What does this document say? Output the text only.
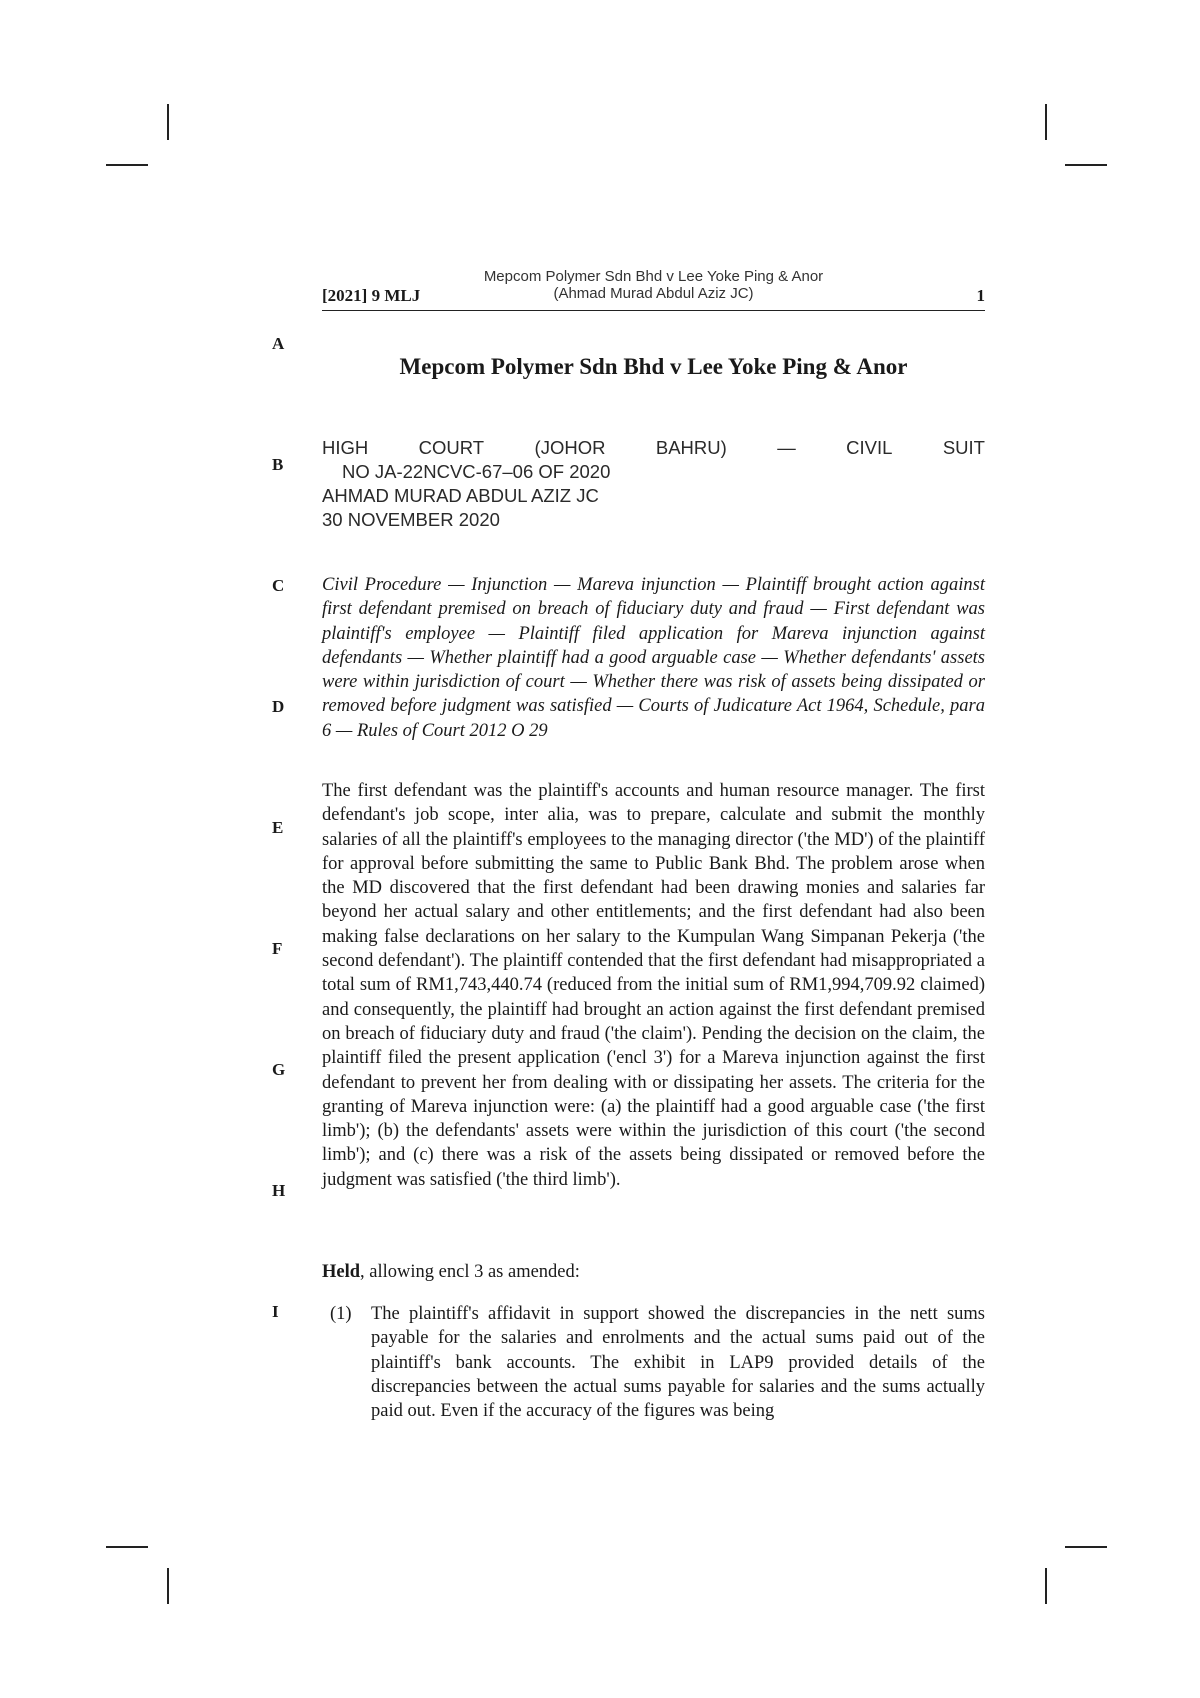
[2021] 9 MLJ
Mepcom Polymer Sdn Bhd v Lee Yoke Ping & Anor
(Ahmad Murad Abdul Aziz JC)	1
A
B
C
D
E
F
G
H
I
Mepcom Polymer Sdn Bhd v Lee Yoke Ping & Anor
HIGH	COURT	(JOHOR	BAHRU)	—	CIVIL	SUIT
NO JA-22NCVC-67–06 OF 2020
AHMAD MURAD ABDUL AZIZ JC
30 NOVEMBER 2020
Civil Procedure — Injunction — Mareva injunction — Plaintiff brought action against first defendant premised on breach of fiduciary duty and fraud — First defendant was plaintiff's employee — Plaintiff filed application for Mareva injunction against defendants — Whether plaintiff had a good arguable case — Whether defendants' assets were within jurisdiction of court — Whether there was risk of assets being dissipated or removed before judgment was satisfied — Courts of Judicature Act 1964, Schedule, para 6 — Rules of Court 2012 O 29
The first defendant was the plaintiff's accounts and human resource manager. The first defendant's job scope, inter alia, was to prepare, calculate and submit the monthly salaries of all the plaintiff's employees to the managing director ('the MD') of the plaintiff for approval before submitting the same to Public Bank Bhd. The problem arose when the MD discovered that the first defendant had been drawing monies and salaries far beyond her actual salary and other entitlements; and the first defendant had also been making false declarations on her salary to the Kumpulan Wang Simpanan Pekerja ('the second defendant'). The plaintiff contended that the first defendant had misappropriated a total sum of RM1,743,440.74 (reduced from the initial sum of RM1,994,709.92 claimed) and consequently, the plaintiff had brought an action against the first defendant premised on breach of fiduciary duty and fraud ('the claim'). Pending the decision on the claim, the plaintiff filed the present application ('encl 3') for a Mareva injunction against the first defendant to prevent her from dealing with or dissipating her assets. The criteria for the granting of Mareva injunction were: (a) the plaintiff had a good arguable case ('the first limb'); (b) the defendants' assets were within the jurisdiction of this court ('the second limb'); and (c) there was a risk of the assets being dissipated or removed before the judgment was satisfied ('the third limb').
Held, allowing encl 3 as amended:
(1) The plaintiff's affidavit in support showed the discrepancies in the nett sums payable for the salaries and enrolments and the actual sums paid out of the plaintiff's bank accounts. The exhibit in LAP9 provided details of the discrepancies between the actual sums payable for salaries and the sums actually paid out. Even if the accuracy of the figures was being
